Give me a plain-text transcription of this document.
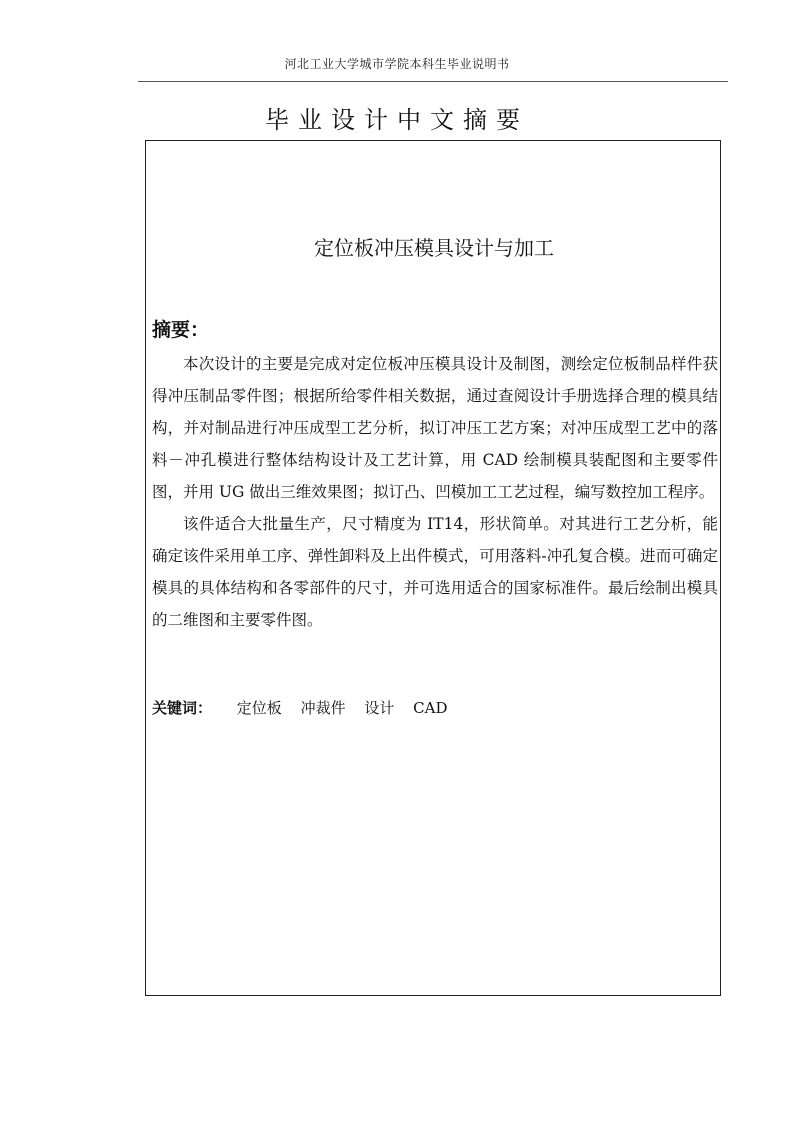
河北工业大学城市学院本科生毕业说明书
毕业设计中文摘要
定位板冲压模具设计与加工
摘要：

本次设计的主要是完成对定位板冲压模具设计及制图，测绘定位板制品样件获得冲压制品零件图；根据所给零件相关数据，通过查阅设计手册选择合理的模具结构，并对制品进行冲压成型工艺分析，拟订冲压工艺方案；对冲压成型工艺中的落料－冲孔模进行整体结构设计及工艺计算，用 CAD 绘制模具装配图和主要零件图，并用 UG 做出三维效果图；拟订凸、凹模加工工艺过程，编写数控加工程序。

该件适合大批量生产，尺寸精度为 IT14，形状简单。对其进行工艺分析，能确定该件采用单工序、弹性卸料及上出件模式，可用落料-冲孔复合模。进而可确定模具的具体结构和各零部件的尺寸，并可选用适合的国家标准件。最后绘制出模具的二维图和主要零件图。

关键词： 定位板 冲裁件 设计 CAD
